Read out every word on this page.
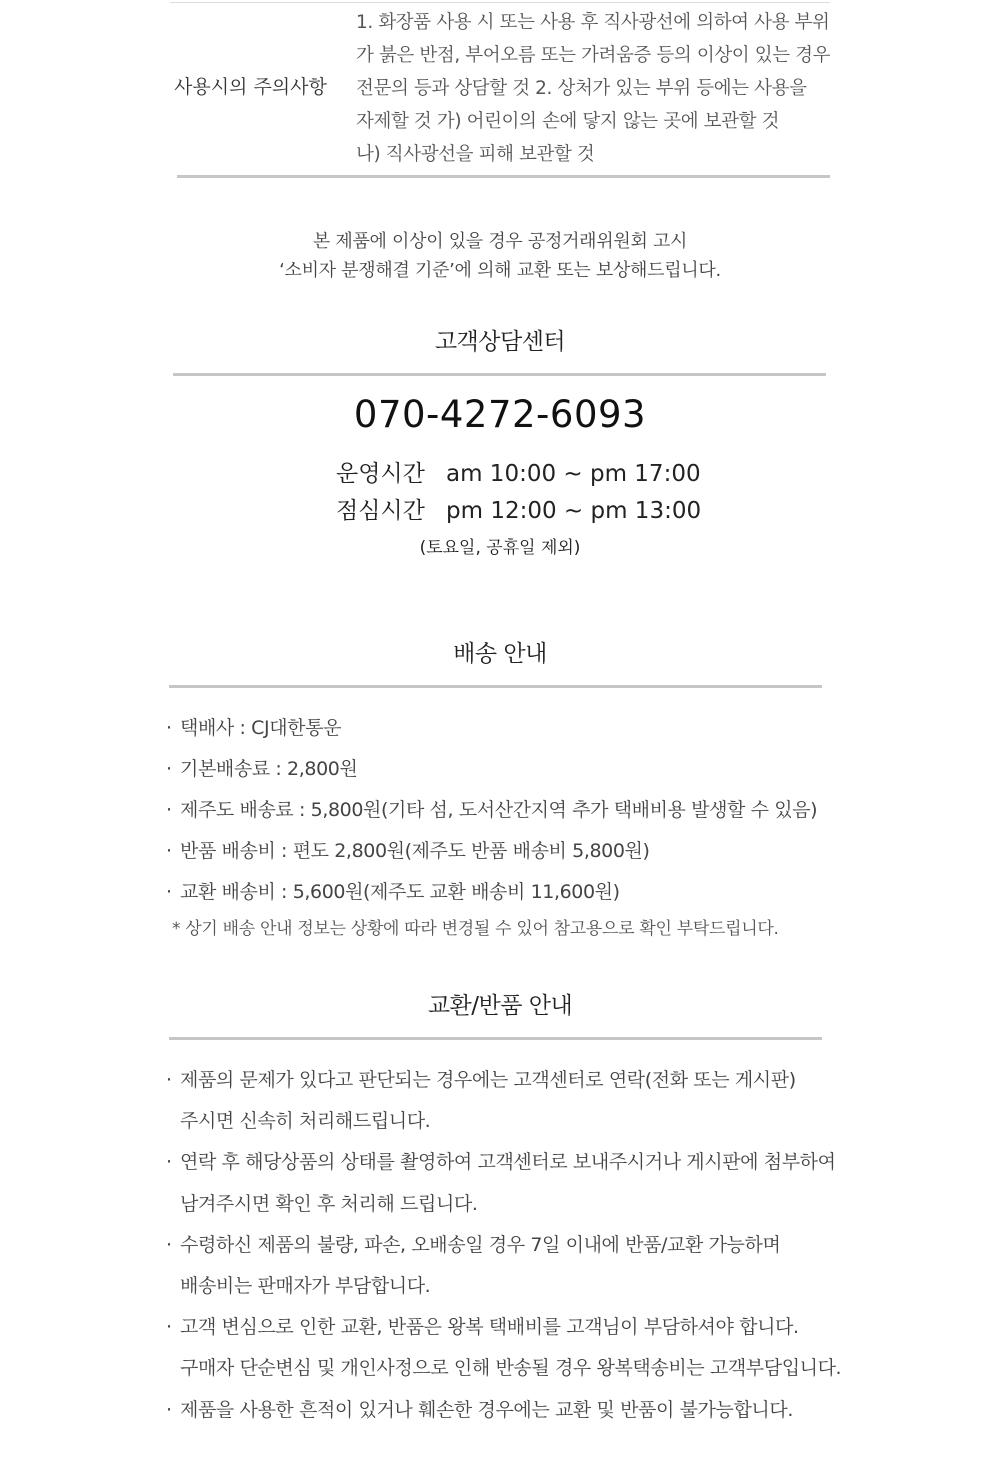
사용시의 주의사항
1. 화장품 사용 시 또는 사용 후 직사광선에 의하여 사용 부위
가 붉은 반점, 부어오름 또는 가려움증 등의 이상이 있는 경우
전문의 등과 상담할 것 2. 상처가 있는 부위 등에는 사용을
자제할 것 가) 어린이의 손에 닿지 않는 곳에 보관할 것
나) 직사광선을 피해 보관할 것
본 제품에 이상이 있을 경우 공정거래위원회 고시
‘소비자 분쟁해결 기준’에 의해 교환 또는 보상해드립니다.
고객상담센터
070-4272-6093
운영시간 am 10:00 ~ pm 17:00
점심시간 pm 12:00 ~ pm 13:00
(토요일, 공휴일 제외)
배송 안내
· 택배사 : CJ대한통운
· 기본배송료 : 2,800원
· 제주도 배송료 : 5,800원(기타 섬, 도서산간지역 추가 택배비용 발생할 수 있음)
· 반품 배송비 : 편도 2,800원(제주도 반품 배송비 5,800원)
· 교환 배송비 : 5,600원(제주도 교환 배송비 11,600원)
* 상기 배송 안내 정보는 상황에 따라 변경될 수 있어 참고용으로 확인 부탁드립니다.
교환/반품 안내
· 제품의 문제가 있다고 판단되는 경우에는 고객센터로 연락(전화 또는 게시판)
주시면 신속히 처리해드립니다.
· 연락 후 해당상품의 상태를 촬영하여 고객센터로 보내주시거나 게시판에 첨부하여
남겨주시면 확인 후 처리해 드립니다.
· 수령하신 제품의 불량, 파손, 오배송일 경우 7일 이내에 반품/교환 가능하며
배송비는 판매자가 부담합니다.
· 고객 변심으로 인한 교환, 반품은 왕복 택배비를 고객님이 부담하셔야 합니다.
구매자 단순변심 및 개인사정으로 인해 반송될 경우 왕복택송비는 고객부담입니다.
· 제품을 사용한 흔적이 있거나 훼손한 경우에는 교환 및 반품이 불가능합니다.
